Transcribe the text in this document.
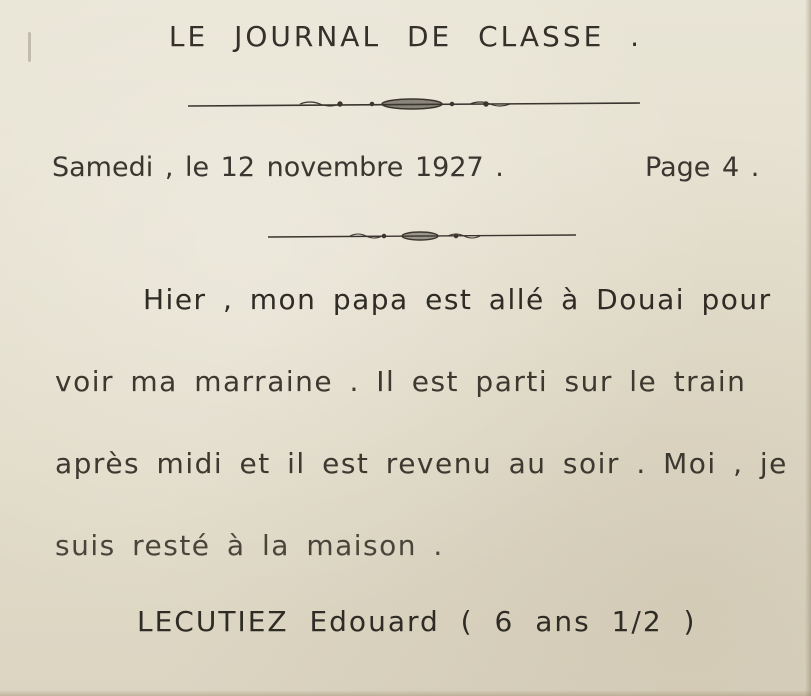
LE JOURNAL DE CLASSE .
Samedi , le 12 novembre 1927 .	Page 4 .
Hier , mon papa est allé à Douai pour
voir ma marraine . Il est parti sur le train
après midi et il est revenu au soir . Moi , je
suis resté à la maison .
LECUTIEZ Edouard ( 6 ans 1/2 )
